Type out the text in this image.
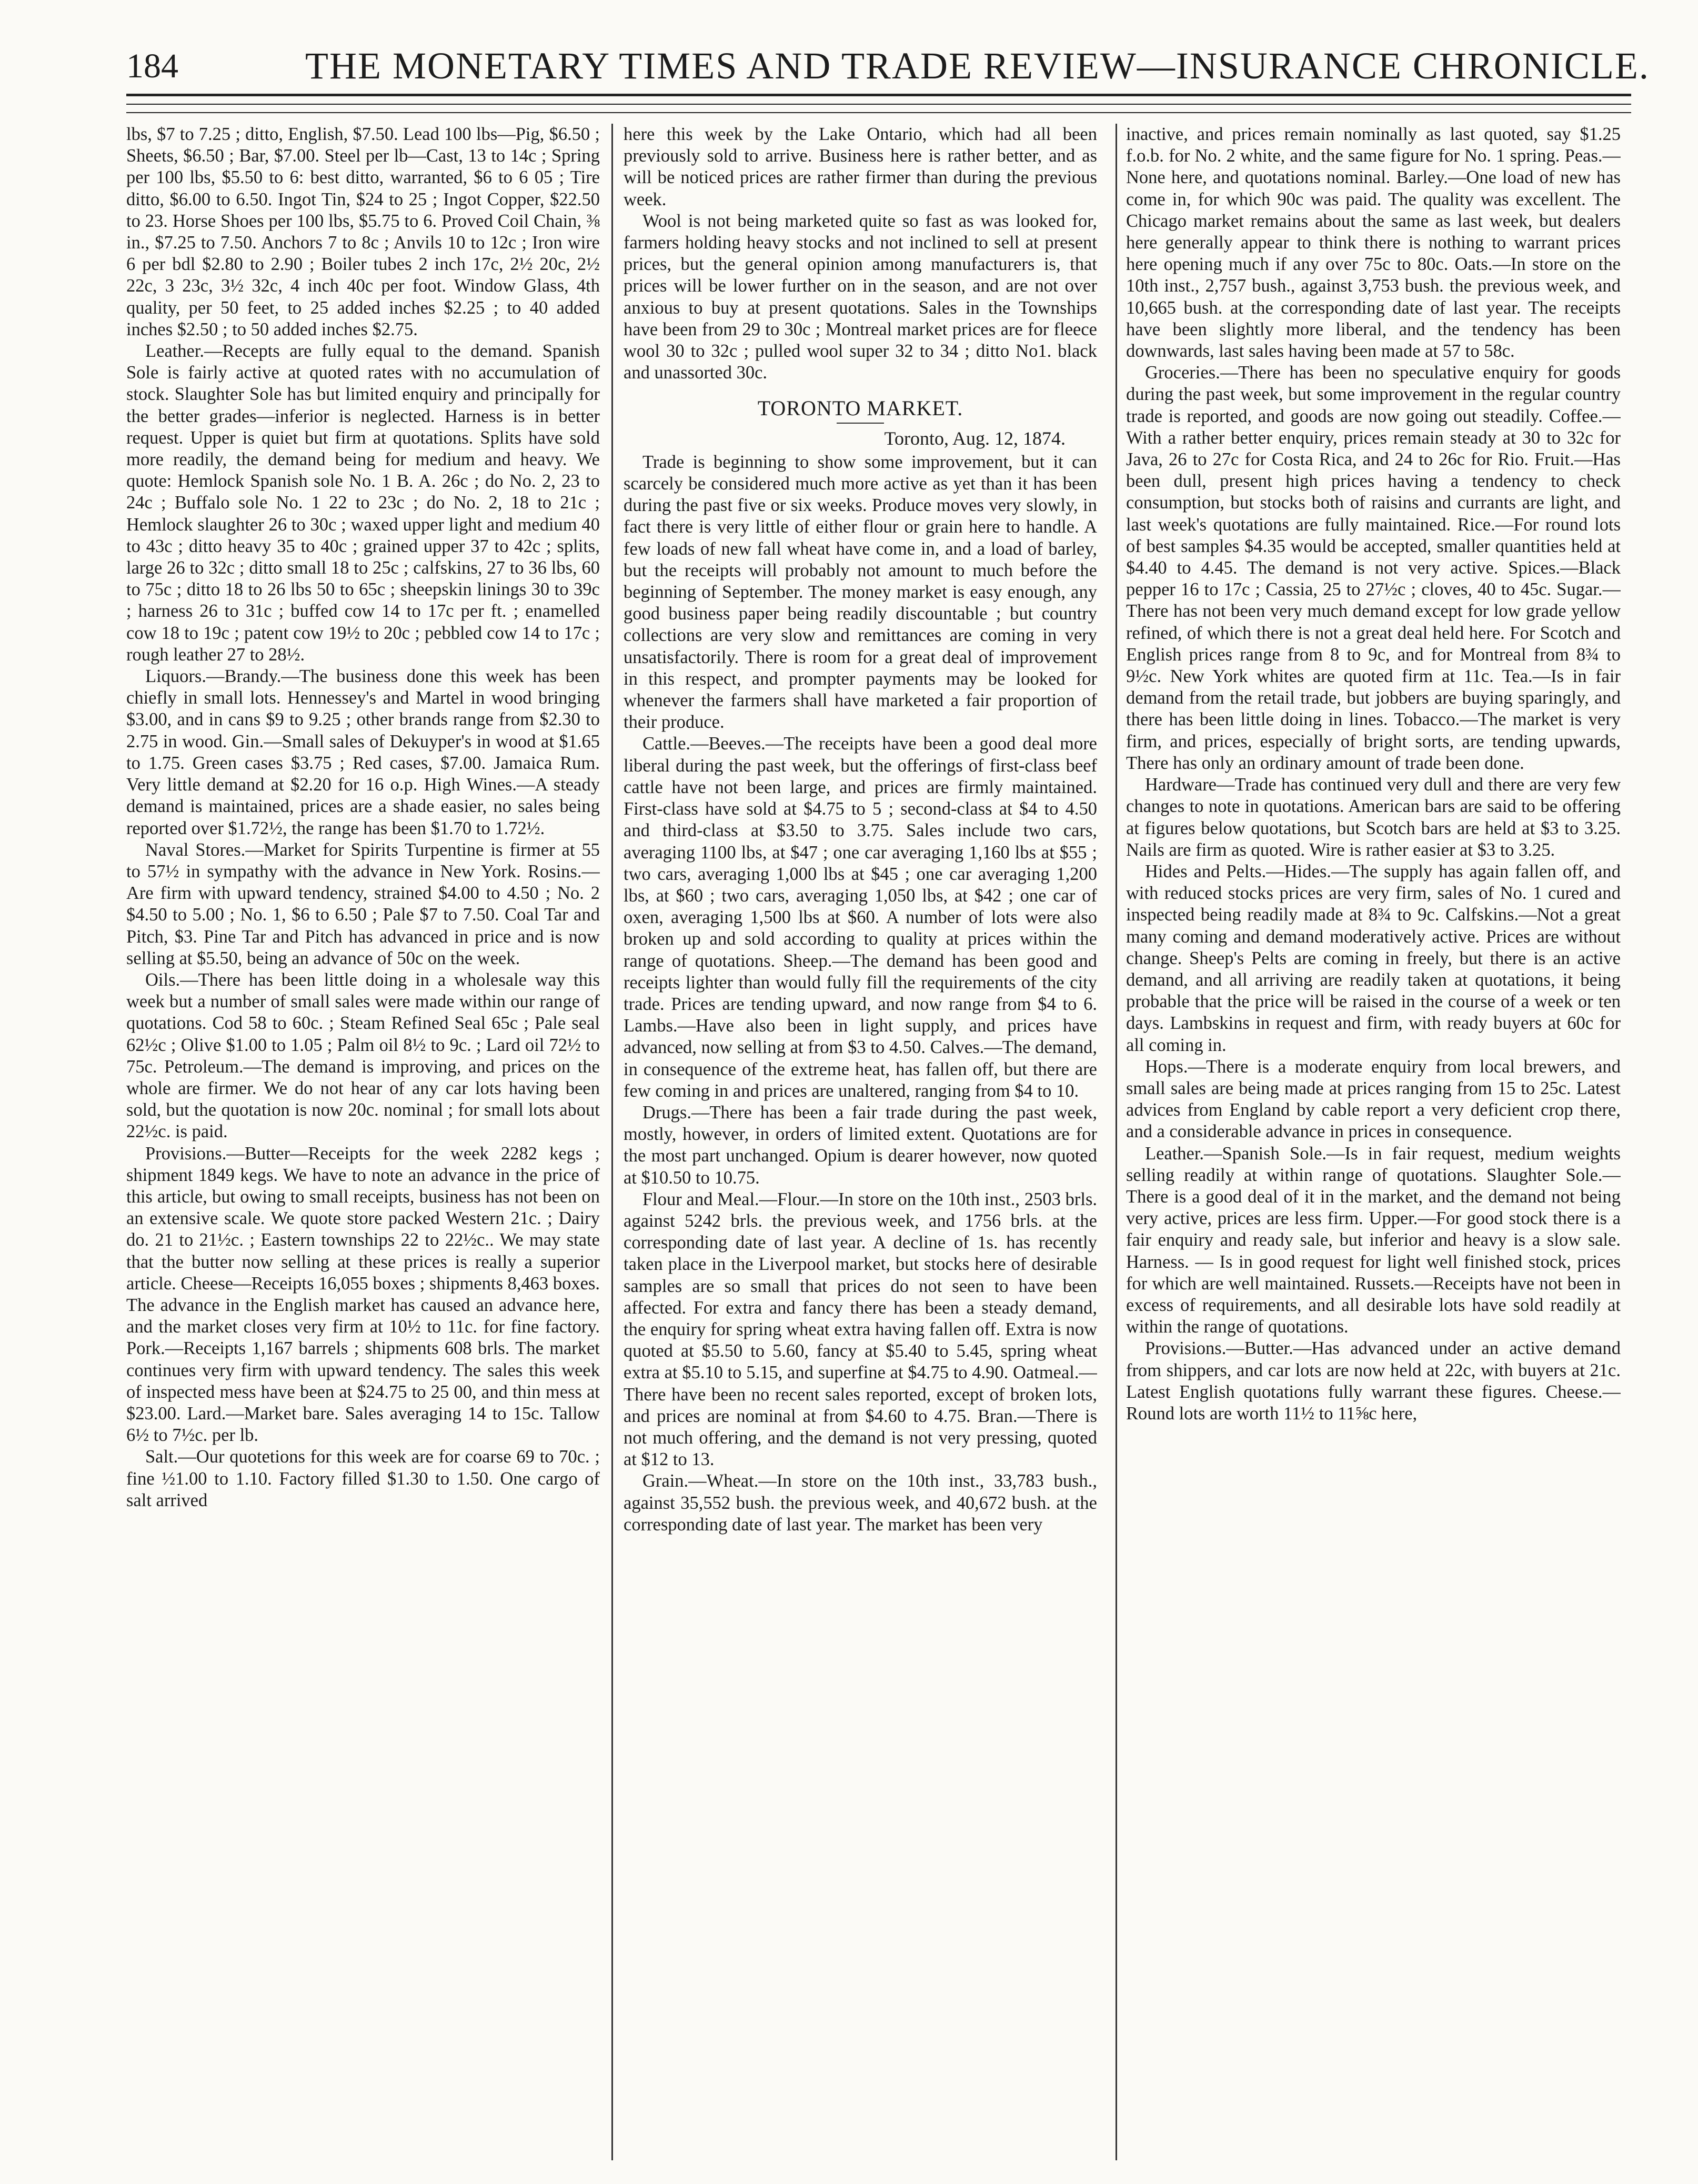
184	THE MONETARY TIMES AND TRADE REVIEW—INSURANCE CHRONICLE.

lbs, $7 to 7.25 ; ditto, English, $7.50. Lead 100 lbs—Pig, $6.50 ; Sheets, $6.50 ; Bar, $7.00. Steel per lb—Cast, 13 to 14c ; Spring per 100 lbs, $5.50 to 6: best ditto, warranted, $6 to 6 05 ; Tire ditto, $6.00 to 6.50. Ingot Tin, $24 to 25 ; Ingot Copper, $22.50 to 23. Horse Shoes per 100 lbs, $5.75 to 6. Proved Coil Chain, ⅜ in., $7.25 to 7.50. Anchors 7 to 8c ; Anvils 10 to 12c ; Iron wire 6 per bdl $2.80 to 2.90 ; Boiler tubes 2 inch 17c, 2½ 20c, 2½ 22c, 3 23c, 3½ 32c, 4 inch 40c per foot. Window Glass, 4th quality, per 50 feet, to 25 added inches $2.25 ; to 40 added inches $2.50 ; to 50 added inches $2.75.

Leather.—Recepts are fully equal to the demand. Spanish Sole is fairly active at quoted rates with no accumulation of stock. Slaughter Sole has but limited enquiry and principally for the better grades—inferior is neglected. Harness is in better request. Upper is quiet but firm at quotations. Splits have sold more readily, the demand being for medium and heavy. We quote: Hemlock Spanish sole No. 1 B. A. 26c ; do No. 2, 23 to 24c ; Buffalo sole No. 1 22 to 23c ; do No. 2, 18 to 21c ; Hemlock slaughter 26 to 30c ; waxed upper light and medium 40 to 43c ; ditto heavy 35 to 40c ; grained upper 37 to 42c ; splits, large 26 to 32c ; ditto small 18 to 25c ; calfskins, 27 to 36 lbs, 60 to 75c ; ditto 18 to 26 lbs 50 to 65c ; sheepskin linings 30 to 39c ; harness 26 to 31c ; buffed cow 14 to 17c per ft. ; enamelled cow 18 to 19c ; patent cow 19½ to 20c ; pebbled cow 14 to 17c ; rough leather 27 to 28½.

Liquors.—Brandy.—The business done this week has been chiefly in small lots. Hennessey's and Martel in wood bringing $3.00, and in cans $9 to 9.25 ; other brands range from $2.30 to 2.75 in wood. Gin.—Small sales of Dekuyper's in wood at $1.65 to 1.75. Green cases $3.75 ; Red cases, $7.00. Jamaica Rum. Very little demand at $2.20 for 16 o.p. High Wines.—A steady demand is maintained, prices are a shade easier, no sales being reported over $1.72½, the range has been $1.70 to 1.72½.

Naval Stores.—Market for Spirits Turpentine is firmer at 55 to 57½ in sympathy with the advance in New York. Rosins.—Are firm with upward tendency, strained $4.00 to 4.50 ; No. 2 $4.50 to 5.00 ; No. 1, $6 to 6.50 ; Pale $7 to 7.50. Coal Tar and Pitch, $3. Pine Tar and Pitch has advanced in price and is now selling at $5.50, being an advance of 50c on the week.

Oils.—There has been little doing in a wholesale way this week but a number of small sales were made within our range of quotations. Cod 58 to 60c. ; Steam Refined Seal 65c ; Pale seal 62½c ; Olive $1.00 to 1.05 ; Palm oil 8½ to 9c. ; Lard oil 72½ to 75c. Petroleum.—The demand is improving, and prices on the whole are firmer. We do not hear of any car lots having been sold, but the quotation is now 20c. nominal ; for small lots about 22½c. is paid.

Provisions.—Butter—Receipts for the week 2282 kegs ; shipment 1849 kegs. We have to note an advance in the price of this article, but owing to small receipts, business has not been on an extensive scale. We quote store packed Western 21c. ; Dairy do. 21 to 21½c. ; Eastern townships 22 to 22½c.. We may state that the butter now selling at these prices is really a superior article. Cheese—Receipts 16,055 boxes ; shipments 8,463 boxes. The advance in the English market has caused an advance here, and the market closes very firm at 10½ to 11c. for fine factory. Pork.—Receipts 1,167 barrels ; shipments 608 brls. The market continues very firm with upward tendency. The sales this week of inspected mess have been at $24.75 to 25 00, and thin mess at $23.00. Lard.—Market bare. Sales averaging 14 to 15c. Tallow 6½ to 7½c. per lb.

Salt.—Our quotetions for this week are for coarse 69 to 70c. ; fine ½1.00 to 1.10. Factory filled $1.30 to 1.50. One cargo of salt arrived

here this week by the Lake Ontario, which had all been previously sold to arrive. Business here is rather better, and as will be noticed prices are rather firmer than during the previous week.

Wool is not being marketed quite so fast as was looked for, farmers holding heavy stocks and not inclined to sell at present prices, but the general opinion among manufacturers is, that prices will be lower further on in the season, and are not over anxious to buy at present quotations. Sales in the Townships have been from 29 to 30c ; Montreal market prices are for fleece wool 30 to 32c ; pulled wool super 32 to 34 ; ditto No1. black and unassorted 30c.

TORONTO MARKET.
Toronto, Aug. 12, 1874.

Trade is beginning to show some improvement, but it can scarcely be considered much more active as yet than it has been during the past five or six weeks. Produce moves very slowly, in fact there is very little of either flour or grain here to handle. A few loads of new fall wheat have come in, and a load of barley, but the receipts will probably not amount to much before the beginning of September. The money market is easy enough, any good business paper being readily discountable ; but country collections are very slow and remittances are coming in very unsatisfactorily. There is room for a great deal of improvement in this respect, and prompter payments may be looked for whenever the farmers shall have marketed a fair proportion of their produce.

Cattle.—Beeves.—The receipts have been a good deal more liberal during the past week, but the offerings of first-class beef cattle have not been large, and prices are firmly maintained. First-class have sold at $4.75 to 5 ; second-class at $4 to 4.50 and third-class at $3.50 to 3.75. Sales include two cars, averaging 1100 lbs, at $47 ; one car averaging 1,160 lbs at $55 ; two cars, averaging 1,000 lbs at $45 ; one car averaging 1,200 lbs, at $60 ; two cars, averaging 1,050 lbs, at $42 ; one car of oxen, averaging 1,500 lbs at $60. A number of lots were also broken up and sold according to quality at prices within the range of quotations. Sheep.—The demand has been good and receipts lighter than would fully fill the requirements of the city trade. Prices are tending upward, and now range from $4 to 6. Lambs.—Have also been in light supply, and prices have advanced, now selling at from $3 to 4.50. Calves.—The demand, in consequence of the extreme heat, has fallen off, but there are few coming in and prices are unaltered, ranging from $4 to 10.

Drugs.—There has been a fair trade during the past week, mostly, however, in orders of limited extent. Quotations are for the most part unchanged. Opium is dearer however, now quoted at $10.50 to 10.75.

Flour and Meal.—Flour.—In store on the 10th inst., 2503 brls. against 5242 brls. the previous week, and 1756 brls. at the corresponding date of last year. A decline of 1s. has recently taken place in the Liverpool market, but stocks here of desirable samples are so small that prices do not seen to have been affected. For extra and fancy there has been a steady demand, the enquiry for spring wheat extra having fallen off. Extra is now quoted at $5.50 to 5.60, fancy at $5.40 to 5.45, spring wheat extra at $5.10 to 5.15, and superfine at $4.75 to 4.90. Oatmeal.—There have been no recent sales reported, except of broken lots, and prices are nominal at from $4.60 to 4.75. Bran.—There is not much offering, and the demand is not very pressing, quoted at $12 to 13.

Grain.—Wheat.—In store on the 10th inst., 33,783 bush., against 35,552 bush. the previous week, and 40,672 bush. at the corresponding date of last year. The market has been very

inactive, and prices remain nominally as last quoted, say $1.25 f.o.b. for No. 2 white, and the same figure for No. 1 spring. Peas.—None here, and quotations nominal. Barley.—One load of new has come in, for which 90c was paid. The quality was excellent. The Chicago market remains about the same as last week, but dealers here generally appear to think there is nothing to warrant prices here opening much if any over 75c to 80c. Oats.—In store on the 10th inst., 2,757 bush., against 3,753 bush. the previous week, and 10,665 bush. at the corresponding date of last year. The receipts have been slightly more liberal, and the tendency has been downwards, last sales having been made at 57 to 58c.

Groceries.—There has been no speculative enquiry for goods during the past week, but some improvement in the regular country trade is reported, and goods are now going out steadily. Coffee.—With a rather better enquiry, prices remain steady at 30 to 32c for Java, 26 to 27c for Costa Rica, and 24 to 26c for Rio. Fruit.—Has been dull, present high prices having a tendency to check consumption, but stocks both of raisins and currants are light, and last week's quotations are fully maintained. Rice.—For round lots of best samples $4.35 would be accepted, smaller quantities held at $4.40 to 4.45. The demand is not very active. Spices.—Black pepper 16 to 17c ; Cassia, 25 to 27½c ; cloves, 40 to 45c. Sugar.—There has not been very much demand except for low grade yellow refined, of which there is not a great deal held here. For Scotch and English prices range from 8 to 9c, and for Montreal from 8¾ to 9½c. New York whites are quoted firm at 11c. Tea.—Is in fair demand from the retail trade, but jobbers are buying sparingly, and there has been little doing in lines. Tobacco.—The market is very firm, and prices, especially of bright sorts, are tending upwards, There has only an ordinary amount of trade been done.

Hardware—Trade has continued very dull and there are very few changes to note in quotations. American bars are said to be offering at figures below quotations, but Scotch bars are held at $3 to 3.25. Nails are firm as quoted. Wire is rather easier at $3 to 3.25.

Hides and Pelts.—Hides.—The supply has again fallen off, and with reduced stocks prices are very firm, sales of No. 1 cured and inspected being readily made at 8¾ to 9c. Calfskins.—Not a great many coming and demand moderatively active. Prices are without change. Sheep's Pelts are coming in freely, but there is an active demand, and all arriving are readily taken at quotations, it being probable that the price will be raised in the course of a week or ten days. Lambskins in request and firm, with ready buyers at 60c for all coming in.

Hops.—There is a moderate enquiry from local brewers, and small sales are being made at prices ranging from 15 to 25c. Latest advices from England by cable report a very deficient crop there, and a considerable advance in prices in consequence.

Leather.—Spanish Sole.—Is in fair request, medium weights selling readily at within range of quotations. Slaughter Sole.—There is a good deal of it in the market, and the demand not being very active, prices are less firm. Upper.—For good stock there is a fair enquiry and ready sale, but inferior and heavy is a slow sale. Harness. — Is in good request for light well finished stock, prices for which are well maintained. Russets.—Receipts have not been in excess of requirements, and all desirable lots have sold readily at within the range of quotations.

Provisions.—Butter.—Has advanced under an active demand from shippers, and car lots are now held at 22c, with buyers at 21c. Latest English quotations fully warrant these figures. Cheese.—Round lots are worth 11½ to 11⅝c here,
